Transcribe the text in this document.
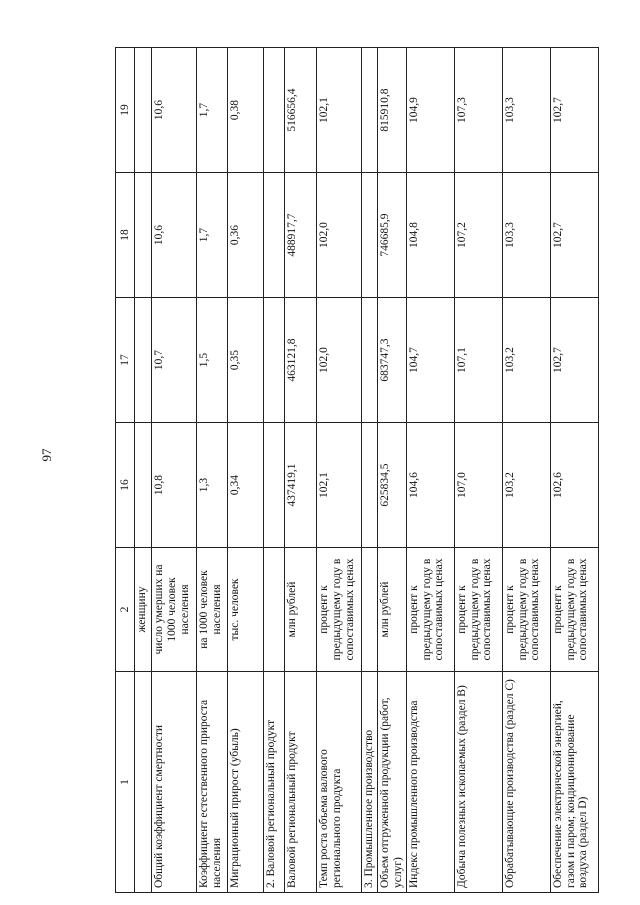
97
1	2	16	17	18	19
	женщину				
Общий коэффициент смертности	число умерших на 1000 человек населения	10,8	10,7	10,6	10,6
Коэффициент естественного прироста населения	на 1000 человек населения	1,3	1,5	1,7	1,7
Миграционный прирост (убыль)	тыс. человек	0,34	0,35	0,36	0,38
2. Валовой региональный продукт					
Валовой региональный продукт	млн рублей	437419,1	463121,8	488917,7	516656,4
Темп роста объема валового регионального продукта	процент к предыдущему году в сопоставимых ценах	102,1	102,0	102,0	102,1
3. Промышленное производство					
Объем отгруженной продукции (работ, услуг)	млн рублей	625834,5	683747,3	746685,9	815910,8
Индекс промышленного производства	процент к предыдущему году в сопоставимых ценах	104,6	104,7	104,8	104,9
Добыча полезных ископаемых (раздел B)	процент к предыдущему году в сопоставимых ценах	107,0	107,1	107,2	107,3
Обрабатывающие производства (раздел C)	процент к предыдущему году в сопоставимых ценах	103,2	103,2	103,3	103,3
Обеспечение электрической энергией, газом и паром; кондиционирование воздуха (раздел D)	процент к предыдущему году в сопоставимых ценах	102,6	102,7	102,7	102,7
